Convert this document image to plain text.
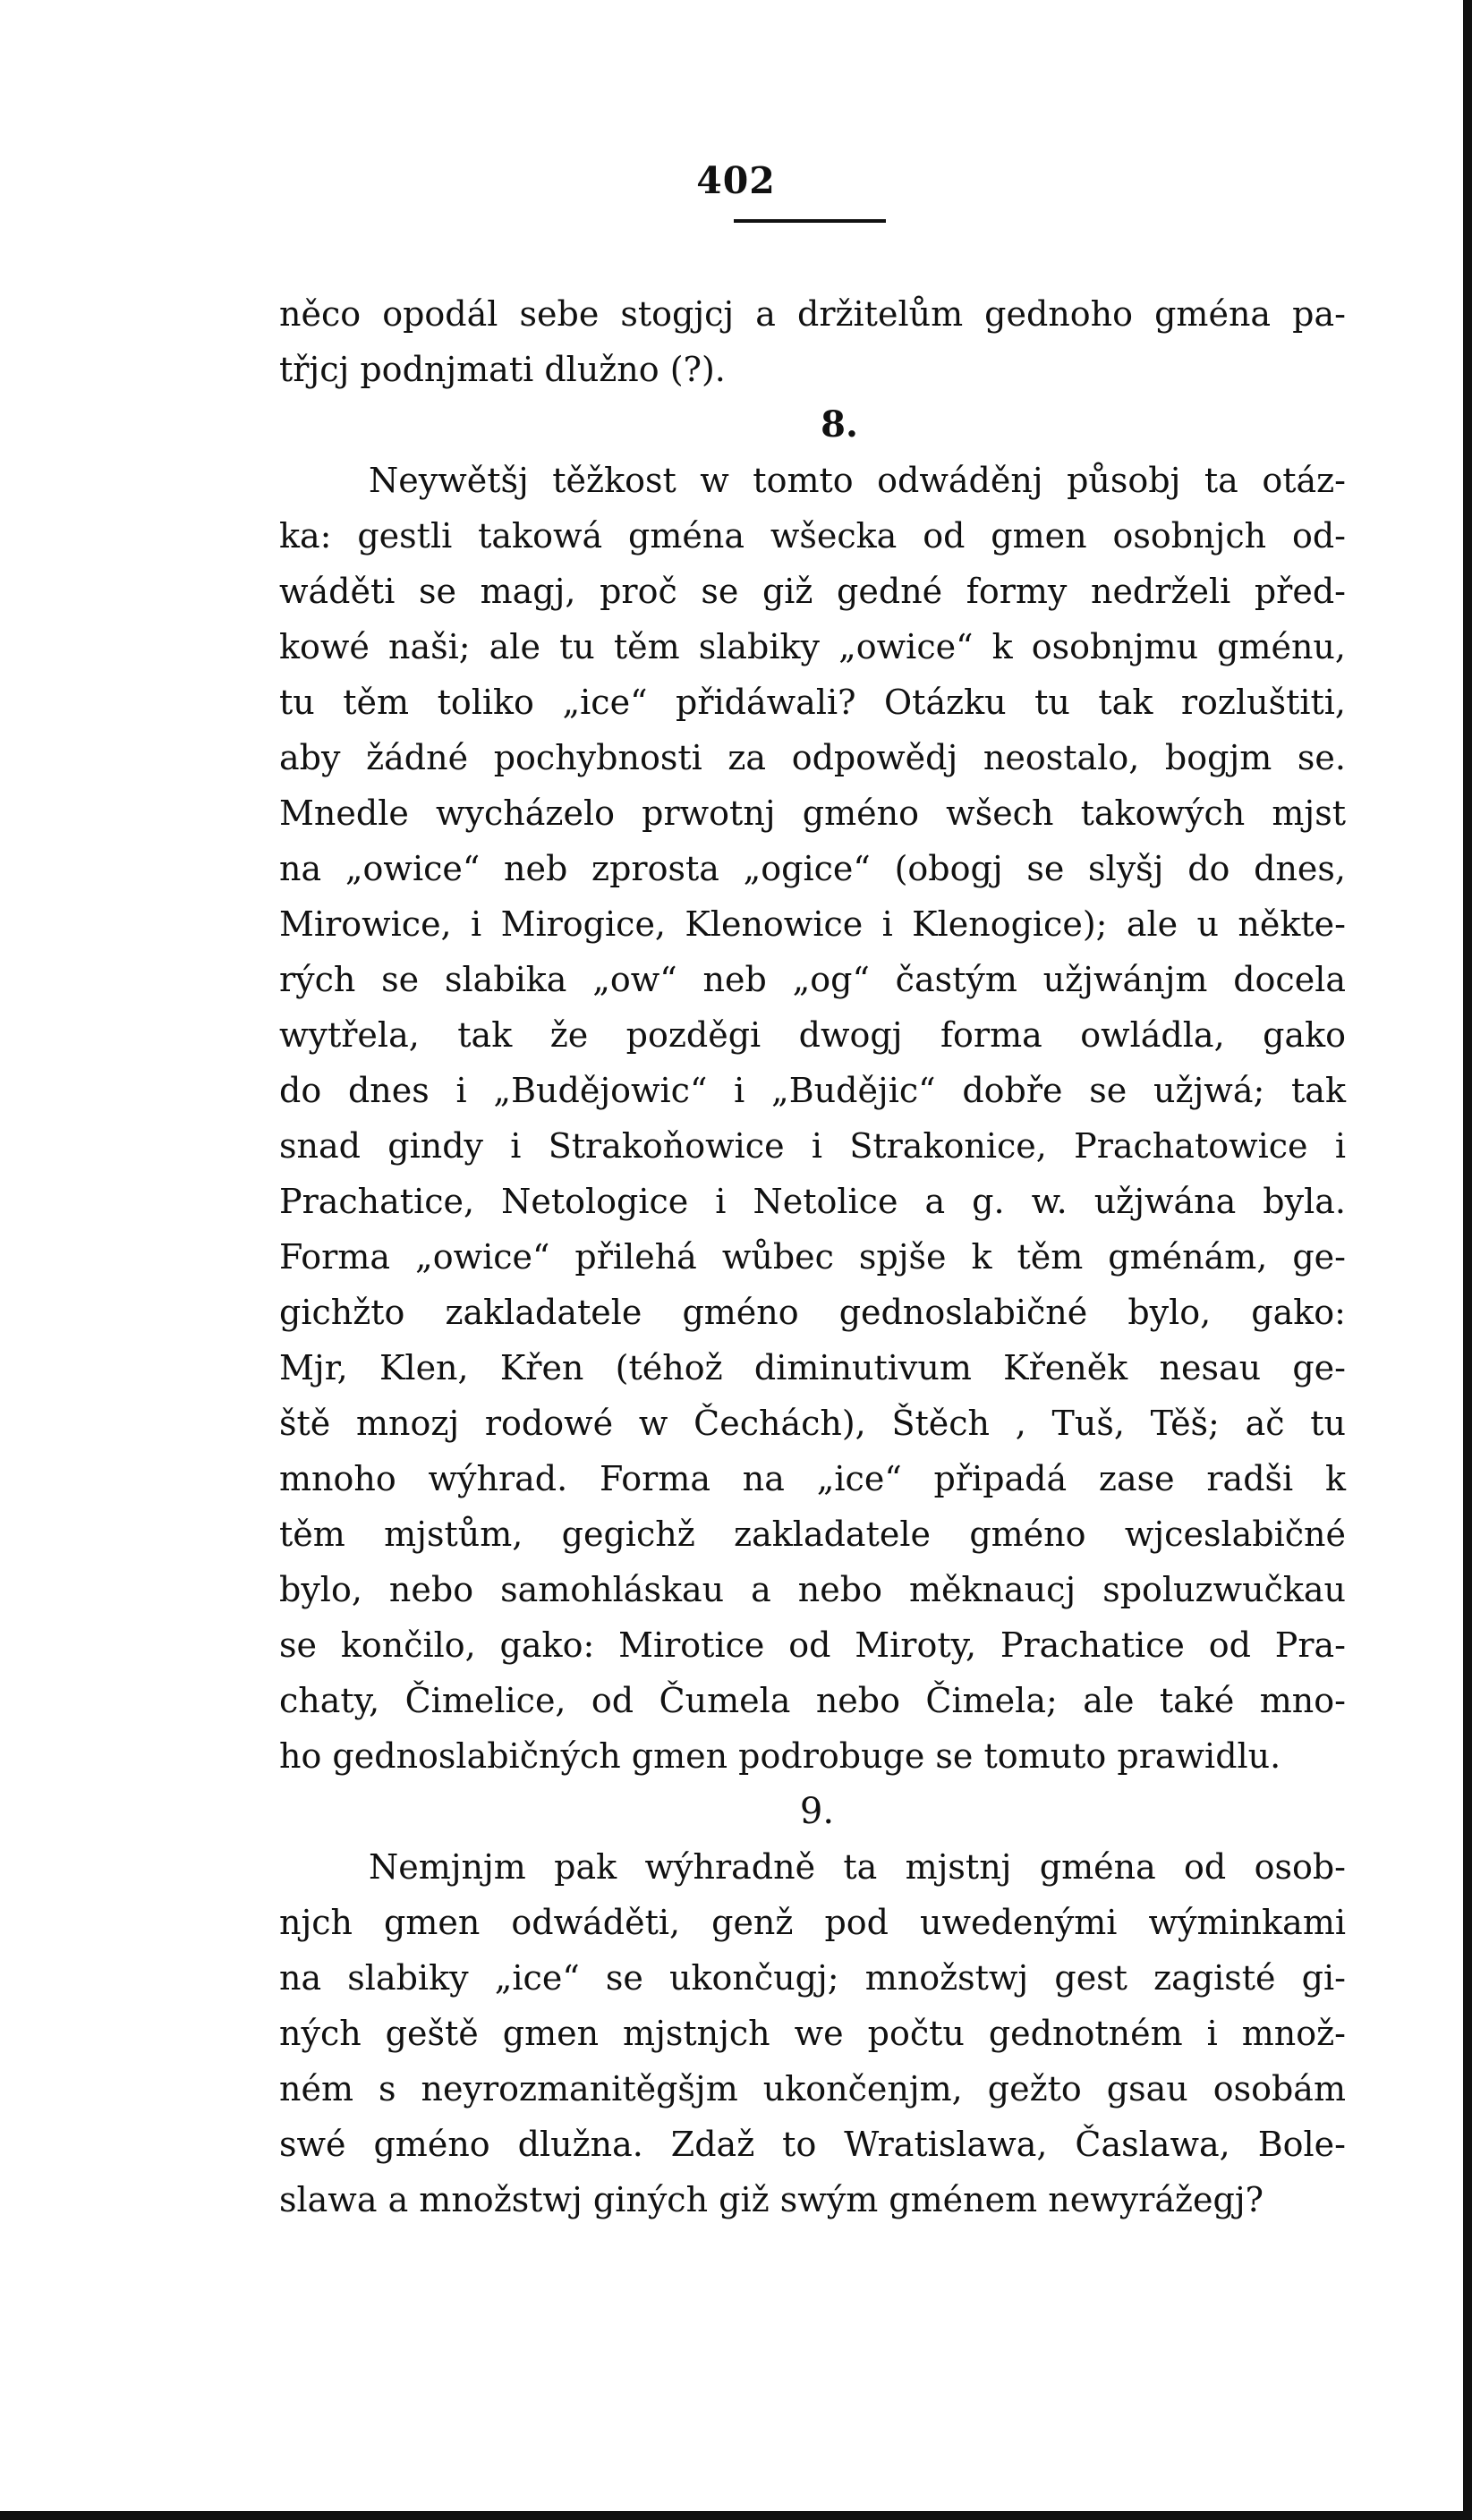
402
něco opodál sebe stogjcj a držitelům gednoho gména pa-
třjcj podnjmati dlužno (?).
8.
Neywětšj těžkost w tomto odwáděnj působj ta otáz-
ka: gestli takowá gména wšecka od gmen osobnjch od-
wáděti se magj, proč se giž gedné formy nedrželi před-
kowé naši; ale tu těm slabiky „owice“ k osobnjmu gménu,
tu těm toliko „ice“ přidáwali? Otázku tu tak rozluštiti,
aby žádné pochybnosti za odpowědj neostalo, bogjm se.
Mnedle wycházelo prwotnj gméno wšech takowých mjst
na „owice“ neb zprosta „ogice“ (obogj se slyšj do dnes,
Mirowice, i Mirogice, Klenowice i Klenogice); ale u někte-
rých se slabika „ow“ neb „og“ častým užjwánjm docela
wytřela, tak že pozděgi dwogj forma owládla, gako
do dnes i „Budějowic“ i „Budějic“ dobře se užjwá; tak
snad gindy i Strakoňowice i Strakonice, Prachatowice i
Prachatice, Netologice i Netolice a g. w. užjwána byla.
Forma „owice“ přilehá wůbec spjše k těm gménám, ge-
gichžto zakladatele gméno gednoslabičné bylo, gako:
Mjr, Klen, Křen (téhož diminutivum Křeněk nesau ge-
ště mnozj rodowé w Čechách), Štěch , Tuš, Těš; ač tu
mnoho wýhrad. Forma na „ice“ připadá zase radši k
těm mjstům, gegichž zakladatele gméno wjceslabičné
bylo, nebo samohláskau a nebo měknaucj spoluzwučkau
se končilo, gako: Mirotice od Miroty, Prachatice od Pra-
chaty, Čimelice, od Čumela nebo Čimela; ale také mno-
ho gednoslabičných gmen podrobuge se tomuto prawidlu.
9.
Nemjnjm pak wýhradně ta mjstnj gména od osob-
njch gmen odwáděti, genž pod uwedenými wýminkami
na slabiky „ice“ se ukončugj; množstwj gest zagisté gi-
ných geště gmen mjstnjch we počtu gednotném i množ-
ném s neyrozmanitěgšjm ukončenjm, gežto gsau osobám
swé gméno dlužna. Zdaž to Wratislawa, Časlawa, Bole-
slawa a množstwj giných giž swým gménem newyrážegj?
